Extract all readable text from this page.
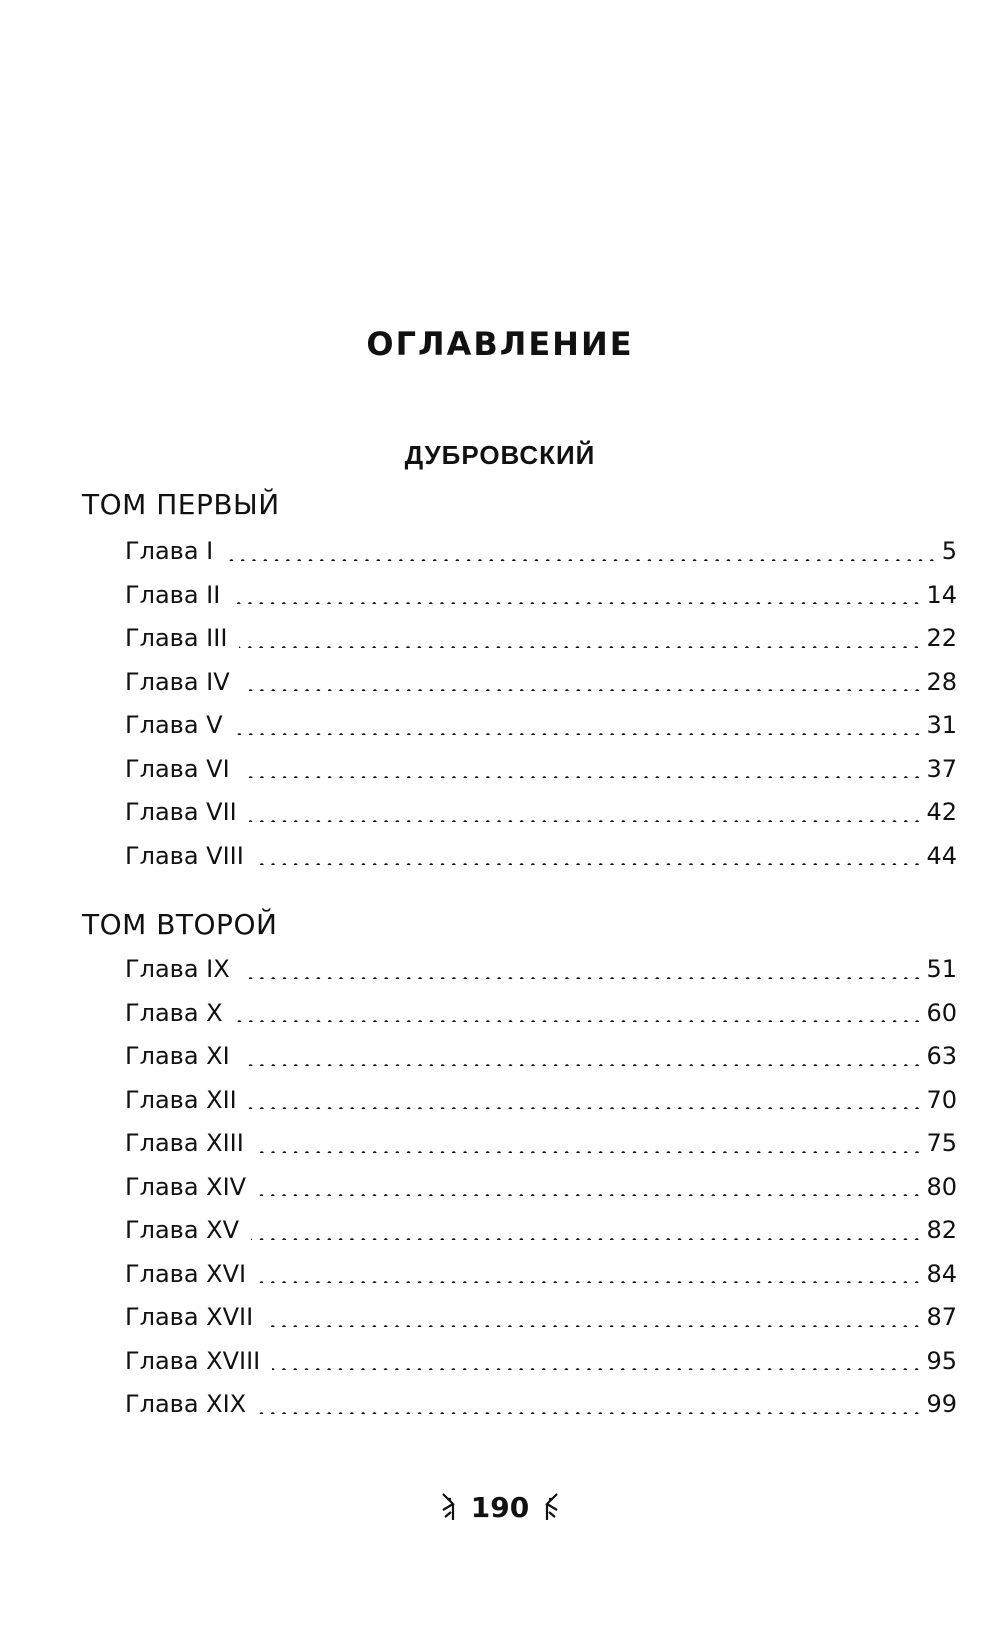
ОГЛАВЛЕНИЕ
ДУБРОВСКИЙ
ТОМ ПЕРВЫЙ
Глава I	5
Глава II	14
Глава III	22
Глава IV	28
Глава V	31
Глава VI	37
Глава VII	42
Глава VIII	44
ТОМ ВТОРОЙ
Глава IX	51
Глава X	60
Глава XI	63
Глава XII	70
Глава XIII	75
Глава XIV	80
Глава XV	82
Глава XVI	84
Глава XVII	87
Глава XVIII	95
Глава XIX	99
190
